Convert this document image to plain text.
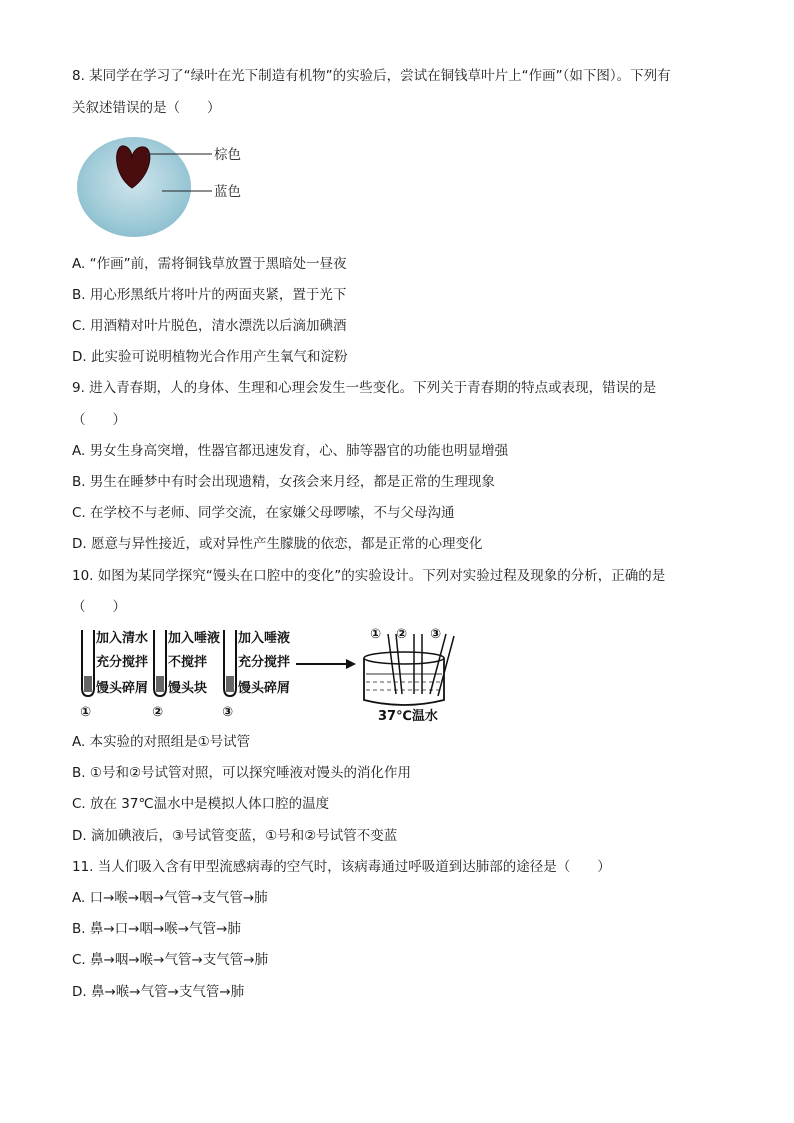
8. 某同学在学习了“绿叶在光下制造有机物”的实验后，尝试在铜钱草叶片上“作画”（如下图）。下列有
关叙述错误的是（　　）
棕色
蓝色
A. “作画”前，需将铜钱草放置于黑暗处一昼夜
B. 用心形黑纸片将叶片的两面夹紧，置于光下
C. 用酒精对叶片脱色，清水漂洗以后滴加碘酒
D. 此实验可说明植物光合作用产生氧气和淀粉
9. 进入青春期，人的身体、生理和心理会发生一些变化。下列关于青春期的特点或表现，错误的是
（　　）
A. 男女生身高突增，性器官都迅速发育，心、肺等器官的功能也明显增强
B. 男生在睡梦中有时会出现遗精，女孩会来月经，都是正常的生理现象
C. 在学校不与老师、同学交流，在家嫌父母啰嗦，不与父母沟通
D. 愿意与异性接近，或对异性产生朦胧的依恋，都是正常的心理变化
10. 如图为某同学探究“馒头在口腔中的变化”的实验设计。下列对实验过程及现象的分析，正确的是
（　　）
加入清水
充分搅拌
馒头碎屑
①
加入唾液
不搅拌
馒头块
②
加入唾液
充分搅拌
馒头碎屑
③
① ② ③
37℃温水
A. 本实验的对照组是①号试管
B. ①号和②号试管对照，可以探究唾液对馒头的消化作用
C. 放在 37℃温水中是模拟人体口腔的温度
D. 滴加碘液后，③号试管变蓝，①号和②号试管不变蓝
11. 当人们吸入含有甲型流感病毒的空气时，该病毒通过呼吸道到达肺部的途径是（　　）
A. 口→喉→咽→气管→支气管→肺
B. 鼻→口→咽→喉→气管→肺
C. 鼻→咽→喉→气管→支气管→肺
D. 鼻→喉→气管→支气管→肺
